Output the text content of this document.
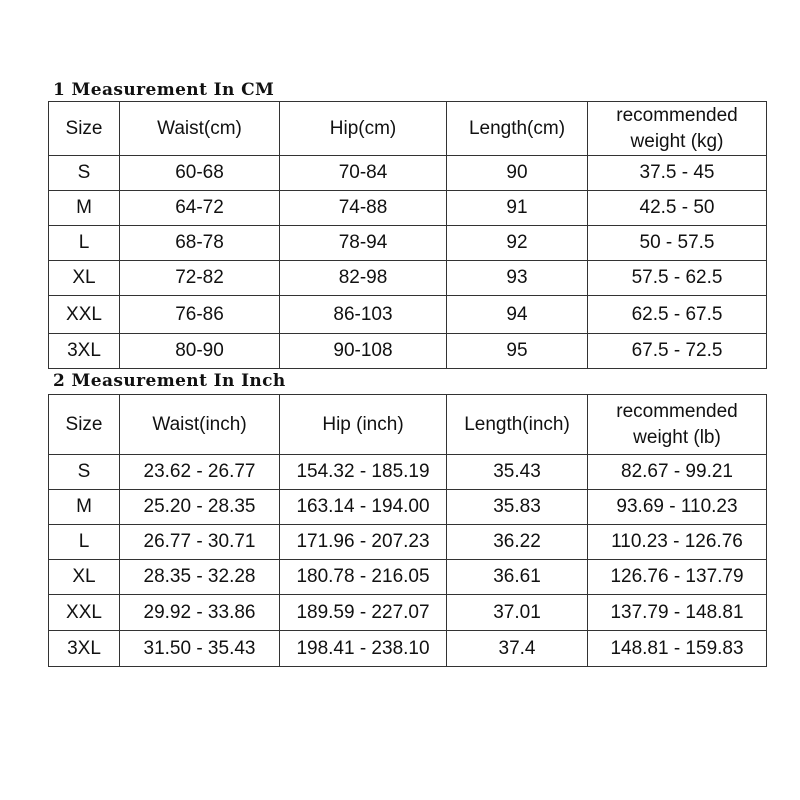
1 Measurement In CM
Size	Waist(cm)	Hip(cm)	Length(cm)	recommended weight (kg)
S	60-68	70-84	90	37.5 - 45
M	64-72	74-88	91	42.5 - 50
L	68-78	78-94	92	50 - 57.5
XL	72-82	82-98	93	57.5 - 62.5
XXL	76-86	86-103	94	62.5 - 67.5
3XL	80-90	90-108	95	67.5 - 72.5
2 Measurement In Inch
Size	Waist(inch)	Hip (inch)	Length(inch)	recommended weight (lb)
S	23.62 - 26.77	154.32 - 185.19	35.43	82.67 - 99.21
M	25.20 - 28.35	163.14 - 194.00	35.83	93.69 - 110.23
L	26.77 - 30.71	171.96 - 207.23	36.22	110.23 - 126.76
XL	28.35 - 32.28	180.78 - 216.05	36.61	126.76 - 137.79
XXL	29.92 - 33.86	189.59 - 227.07	37.01	137.79 - 148.81
3XL	31.50 - 35.43	198.41 - 238.10	37.4	148.81 - 159.83
